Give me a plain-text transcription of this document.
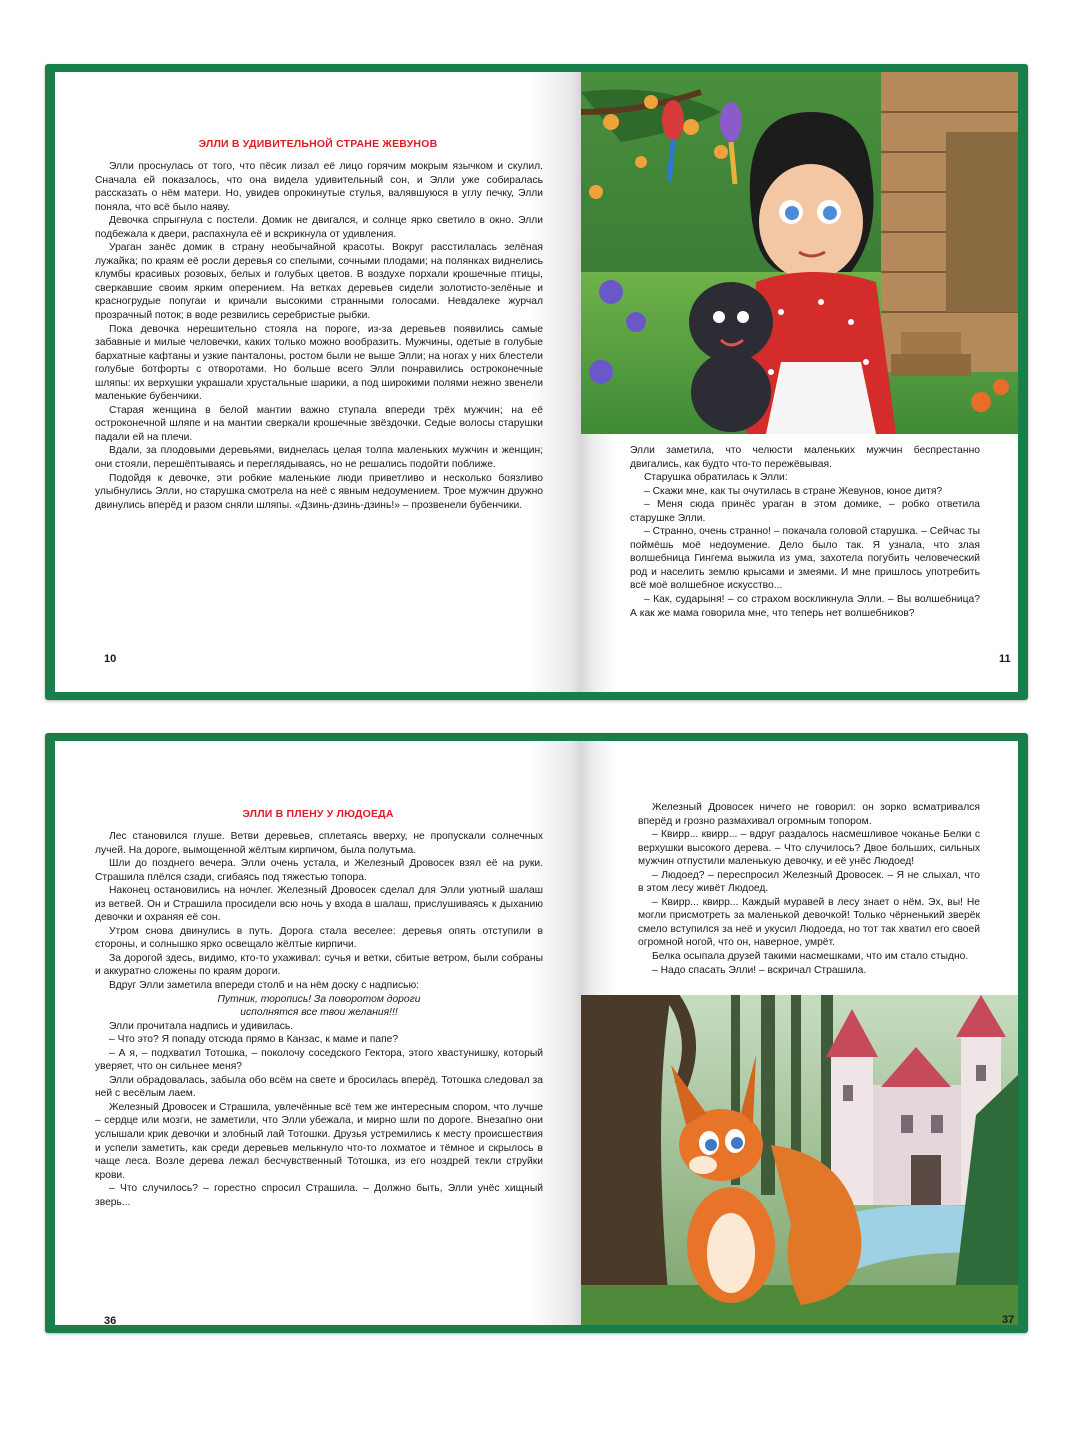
ЭЛЛИ В УДИВИТЕЛЬНОЙ СТРАНЕ ЖЕВУНОВ

Элли проснулась от того, что пёсик лизал её лицо горячим мокрым язычком и скулил. Сначала ей показалось, что она видела удивительный сон, и Элли уже собиралась рассказать о нём матери. Но, увидев опрокинутые стулья, валявшуюся в углу печку, Элли поняла, что всё было наяву.

Девочка спрыгнула с постели. Домик не двигался, и солнце ярко светило в окно. Элли подбежала к двери, распахнула её и вскрикнула от удивления.

Ураган занёс домик в страну необычайной красоты. Вокруг расстилалась зелёная лужайка; по краям её росли деревья со спелыми, сочными плодами; на полянках виднелись клумбы красивых розовых, белых и голубых цветов. В воздухе порхали крошечные птицы, сверкавшие своим ярким оперением. На ветках деревьев сидели золотисто-зелёные и красногрудые попугаи и кричали высокими странными голосами. Невдалеке журчал прозрачный поток; в воде резвились серебристые рыбки.

Пока девочка нерешительно стояла на пороге, из-за деревьев появились самые забавные и милые человечки, каких только можно вообразить. Мужчины, одетые в голубые бархатные кафтаны и узкие панталоны, ростом были не выше Элли; на ногах у них блестели голубые ботфорты с отворотами. Но больше всего Элли понравились остроконечные шляпы: их верхушки украшали хрустальные шарики, а под широкими полями нежно звенели маленькие бубенчики.

Старая женщина в белой мантии важно ступала впереди трёх мужчин; на её остроконечной шляпе и на мантии сверкали крошечные звёздочки. Седые волосы старушки падали ей на плечи.

Вдали, за плодовыми деревьями, виднелась целая толпа маленьких мужчин и женщин; они стояли, перешёптываясь и переглядываясь, но не решались подойти поближе.

Подойдя к девочке, эти робкие маленькие люди приветливо и несколько боязливо улыбнулись Элли, но старушка смотрела на неё с явным недоумением. Трое мужчин дружно двинулись вперёд и разом сняли шляпы. «Дзинь-дзинь-дзинь!» – прозвенели бубенчики.

10

Элли заметила, что челюсти маленьких мужчин беспрестанно двигались, как будто что-то пережёвывая.

Старушка обратилась к Элли:

– Скажи мне, как ты очутилась в стране Жевунов, юное дитя?

– Меня сюда принёс ураган в этом домике, – робко ответила старушке Элли.

– Странно, очень странно! – покачала головой старушка. – Сейчас ты поймёшь моё недоумение. Дело было так. Я узнала, что злая волшебница Гингема выжила из ума, захотела погубить человеческий род и населить землю крысами и змеями. И мне пришлось употребить всё моё волшебное искусство...

– Как, сударыня! – со страхом воскликнула Элли. – Вы волшебница? А как же мама говорила мне, что теперь нет волшебников?

11
ЭЛЛИ В ПЛЕНУ У ЛЮДОЕДА

Лес становился глуше. Ветви деревьев, сплетаясь вверху, не пропускали солнечных лучей. На дороге, вымощенной жёлтым кирпичом, была полутьма.

Шли до позднего вечера. Элли очень устала, и Железный Дровосек взял её на руки. Страшила плёлся сзади, сгибаясь под тяжестью топора.

Наконец остановились на ночлег. Железный Дровосек сделал для Элли уютный шалаш из ветвей. Он и Страшила просидели всю ночь у входа в шалаш, прислушиваясь к дыханию девочки и охраняя её сон.

Утром снова двинулись в путь. Дорога стала веселее: деревья опять отступили в стороны, и солнышко ярко освещало жёлтые кирпичи.

За дорогой здесь, видимо, кто-то ухаживал: сучья и ветки, сбитые ветром, были собраны и аккуратно сложены по краям дороги.

Вдруг Элли заметила впереди столб и на нём доску с надписью:

Путник, торопись! За поворотом дороги

исполнятся все твои желания!!!

Элли прочитала надпись и удивилась.

– Что это? Я попаду отсюда прямо в Канзас, к маме и папе?

– А я, – подхватил Тотошка, – поколочу соседского Гектора, этого хвастунишку, который уверяет, что он сильнее меня?

Элли обрадовалась, забыла обо всём на свете и бросилась вперёд. Тотошка следовал за ней с весёлым лаем.

Железный Дровосек и Страшила, увлечённые всё тем же интересным спором, что лучше – сердце или мозги, не заметили, что Элли убежала, и мирно шли по дороге. Внезапно они услышали крик девочки и злобный лай Тотошки. Друзья устремились к месту происшествия и успели заметить, как среди деревьев мелькнуло что-то лохматое и тёмное и скрылось в чаще леса. Возле дерева лежал бесчувственный Тотошка, из его ноздрей текли струйки крови.

– Что случилось? – горестно спросил Страшила. – Должно быть, Элли унёс хищный зверь...

36

Железный Дровосек ничего не говорил: он зорко всматривался вперёд и грозно размахивал огромным топором.

– Квирр... квирр... – вдруг раздалось насмешливое чоканье Белки с верхушки высокого дерева. – Что случилось? Двое больших, сильных мужчин отпустили маленькую девочку, и её унёс Людоед!

– Людоед? – переспросил Железный Дровосек. – Я не слыхал, что в этом лесу живёт Людоед.

– Квирр... квирр... Каждый муравей в лесу знает о нём. Эх, вы! Не могли присмотреть за маленькой девочкой! Только чёрненький зверёк смело вступился за неё и укусил Людоеда, но тот так хватил его своей огромной ногой, что он, наверное, умрёт.

Белка осыпала друзей такими насмешками, что им стало стыдно.

– Надо спасать Элли! – вскричал Страшила.

37
